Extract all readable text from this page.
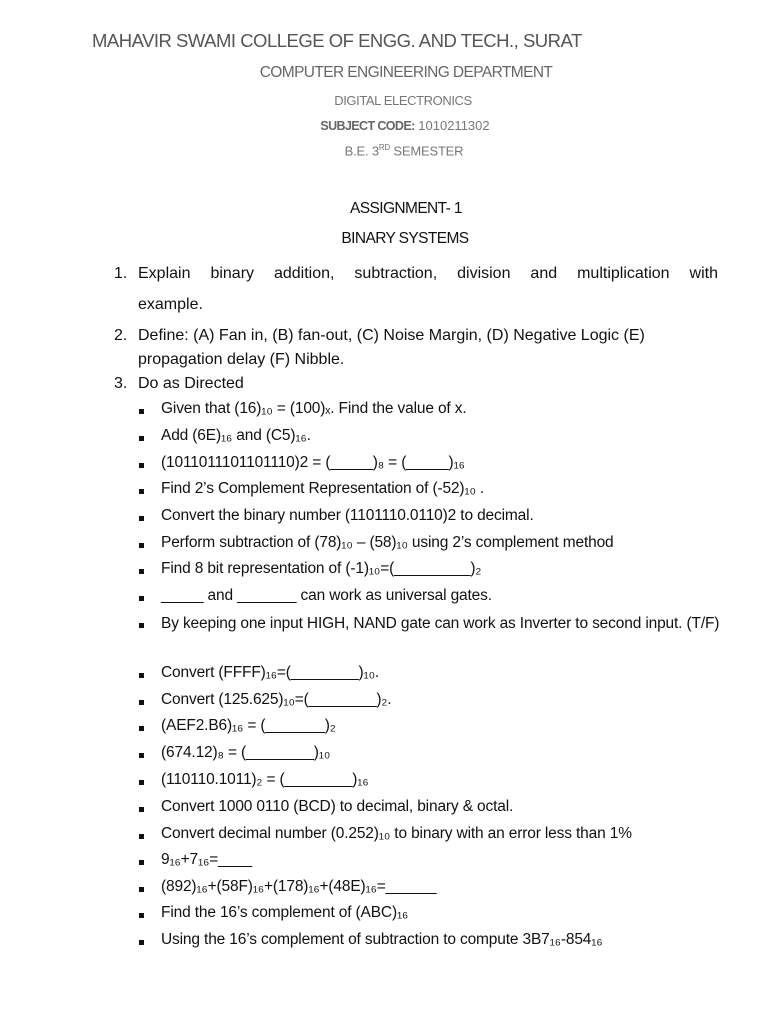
MAHAVIR SWAMI COLLEGE OF ENGG. AND TECH., SURAT
COMPUTER ENGINEERING DEPARTMENT
DIGITAL ELECTRONICS
SUBJECT CODE: 1010211302
B.E. 3RD SEMESTER
ASSIGNMENT- 1
BINARY SYSTEMS
1. Explain binary addition, subtraction, division and multiplication with
example.
2. Define: (A) Fan in, (B) fan-out, (C) Noise Margin, (D) Negative Logic (E)
propagation delay (F) Nibble.
3. Do as Directed
Given that (16)₁₀ = (100)ₓ. Find the value of x.
Add (6E)₁₆ and (C5)₁₆.
(1011011101101110)2 = (_____)₈ = (_____)₁₆
Find 2’s Complement Representation of (-52)₁₀ .
Convert the binary number (1101110.0110)2 to decimal.
Perform subtraction of (78)₁₀ – (58)₁₀ using 2’s complement method
Find 8 bit representation of (-1)₁₀=(_________)₂
_____ and _______ can work as universal gates.
By keeping one input HIGH, NAND gate can work as Inverter to second input. (T/F)
Convert (FFFF)₁₆=(________)₁₀.
Convert (125.625)₁₀=(________)₂.
(AEF2.B6)₁₆ = (_______)₂
(674.12)₈ = (________)₁₀
(110110.1011)₂ = (________)₁₆
Convert 1000 0110 (BCD) to decimal, binary & octal.
Convert decimal number (0.252)₁₀ to binary with an error less than 1%
9₁₆+7₁₆=____
(892)₁₆+(58F)₁₆+(178)₁₆+(48E)₁₆=______
Find the 16’s complement of (ABC)₁₆
Using the 16’s complement of subtraction to compute 3B7₁₆-854₁₆
